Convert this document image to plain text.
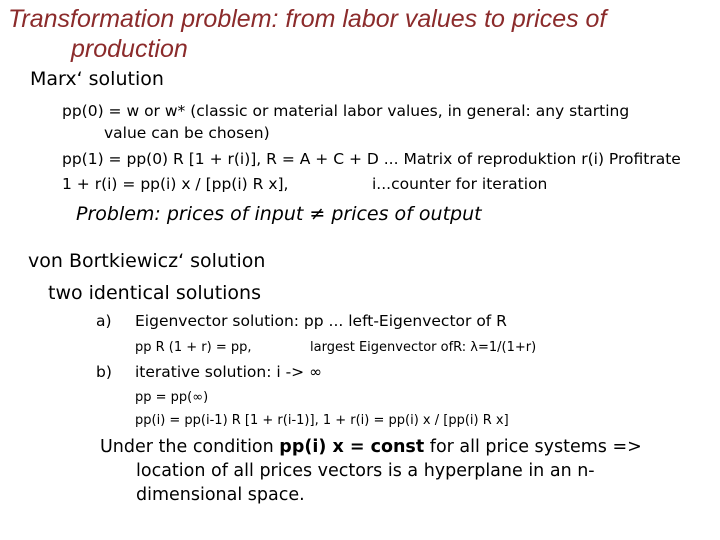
Transformation problem: from labor values to prices of
production
Marx‘ solution
pp(0) = w or w* (classic or material labor values, in general: any starting
value can be chosen)
pp(1) = pp(0) R [1 + r(i)], R = A + C + D ... Matrix of reproduktion r(i) Profitrate
1 + r(i) = pp(i) x / [pp(i) R x],	i...counter for iteration
Problem: prices of input ≠ prices of output
von Bortkiewicz‘ solution
two identical solutions
a) Eigenvector solution: pp ... left-Eigenvector of R
pp R (1 + r) = pp,	largest Eigenvector ofR: λ=1/(1+r)
b) iterative solution: i -> ∞
pp = pp(∞)
pp(i) = pp(i-1) R [1 + r(i-1)], 1 + r(i) = pp(i) x / [pp(i) R x]
Under the condition pp(i) x = const for all price systems =>
location of all prices vectors is a hyperplane in an n-
dimensional space.
